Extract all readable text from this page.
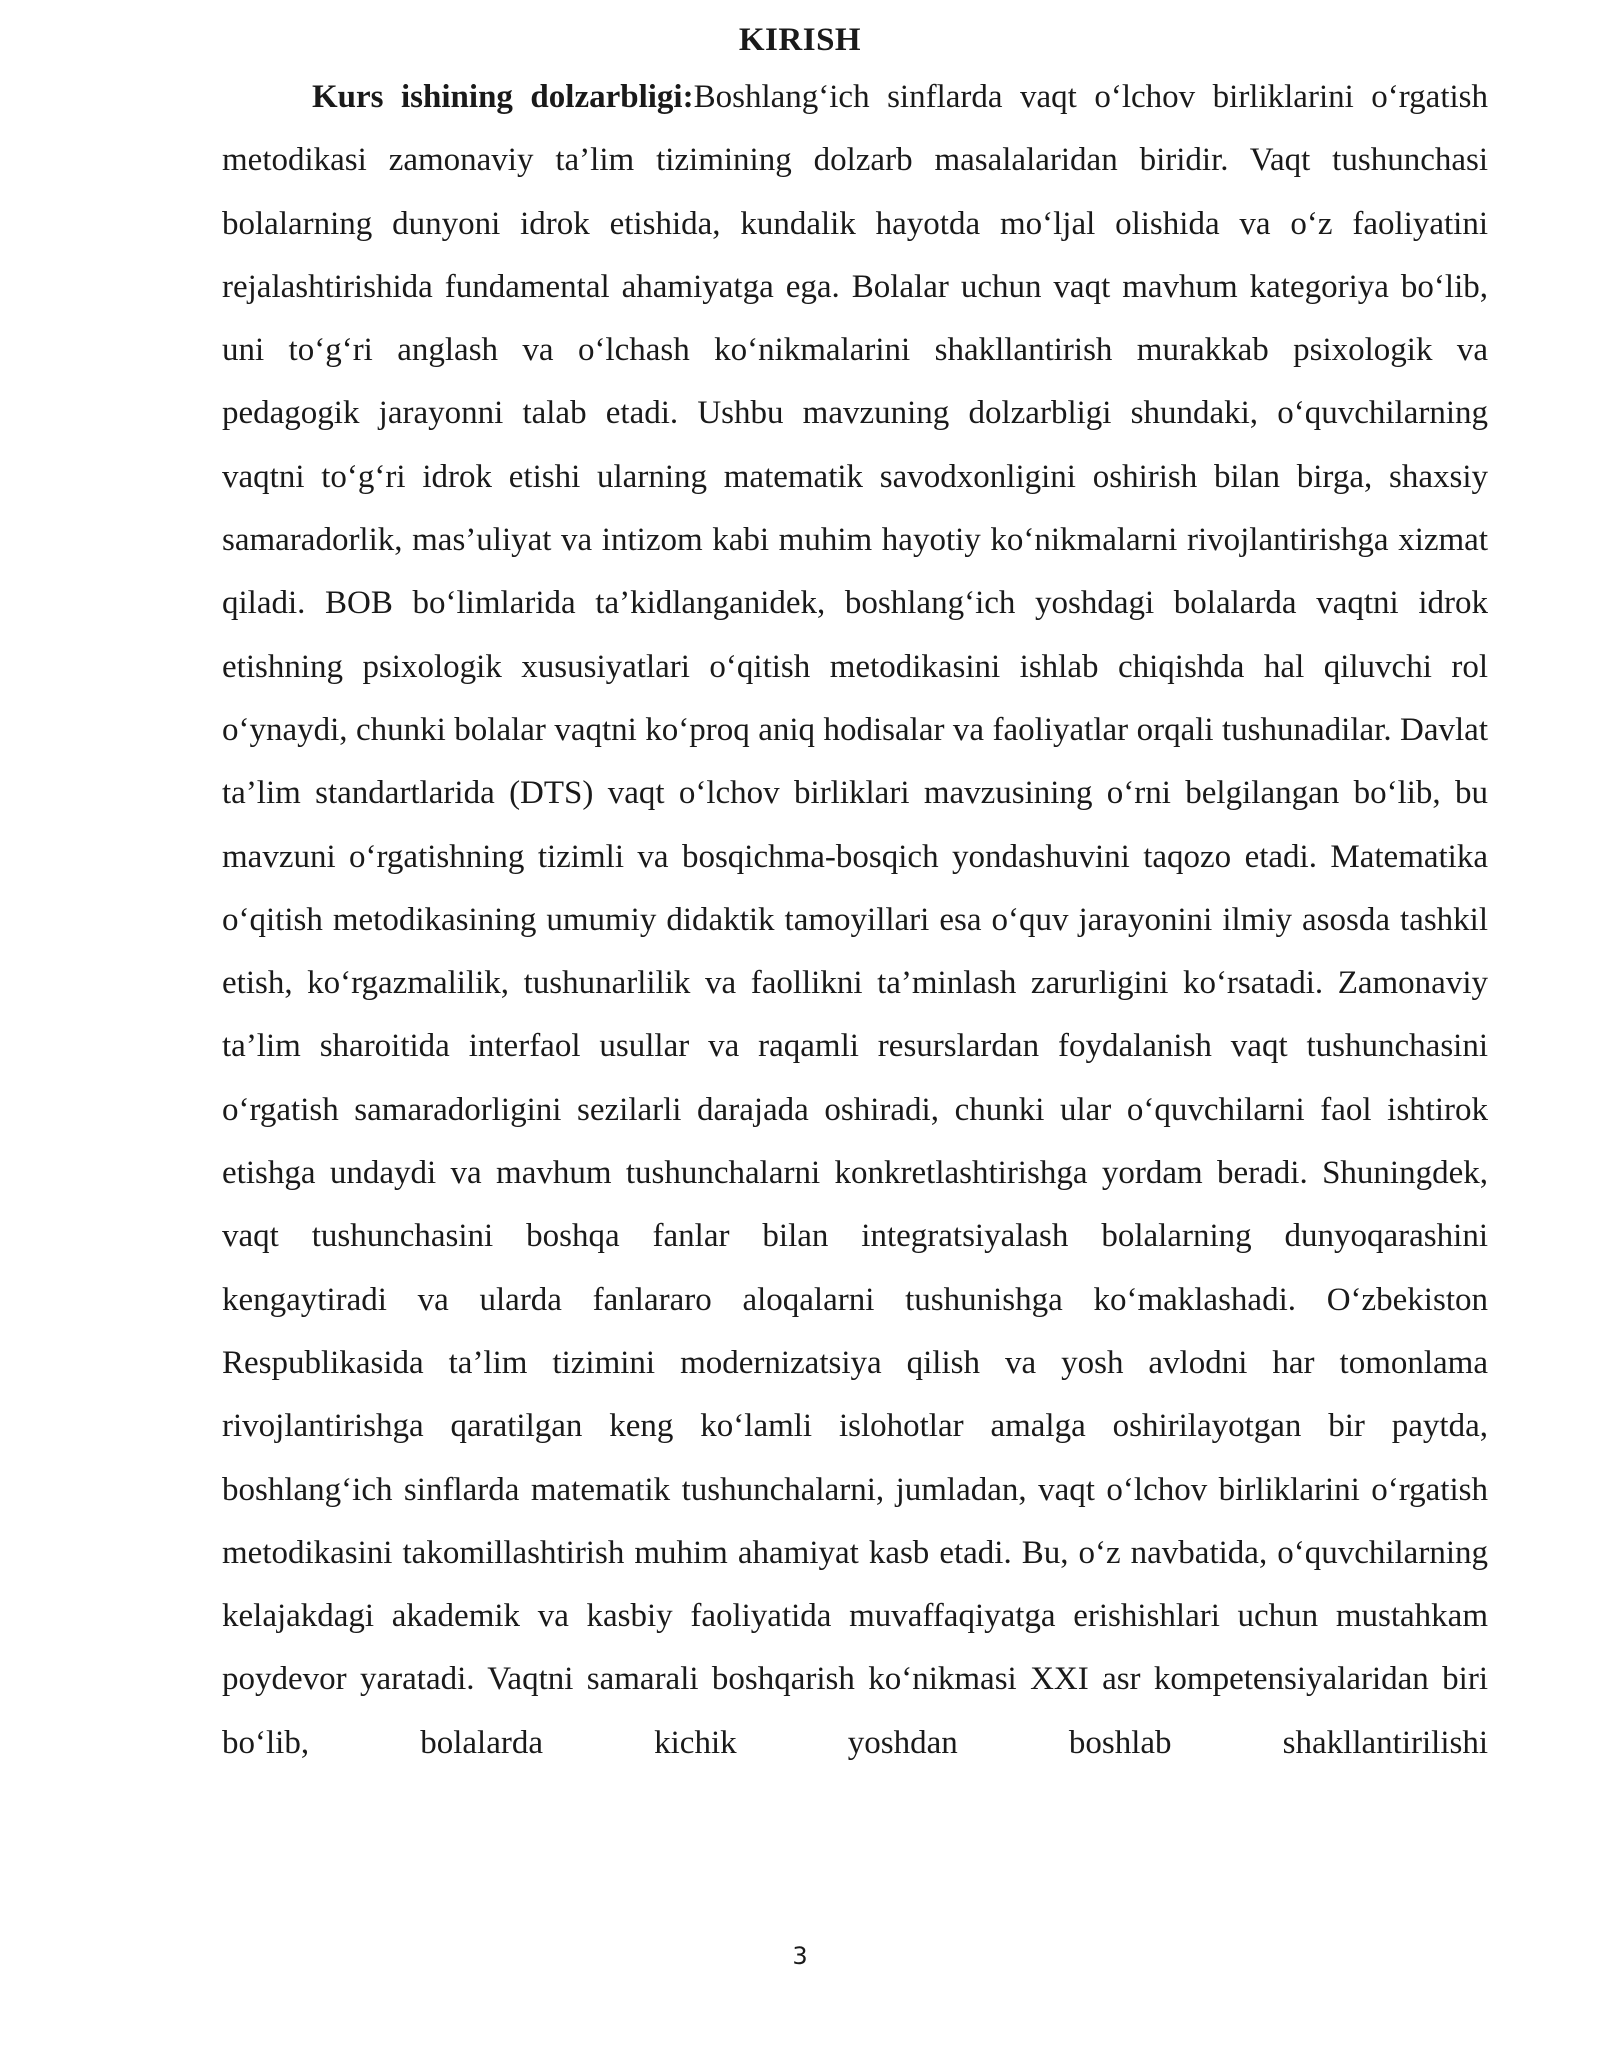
KIRISH

Kurs ishining dolzarbligi:Boshlang‘ich sinflarda vaqt o‘lchov birliklarini o‘rgatish metodikasi zamonaviy ta’lim tizimining dolzarb masalalaridan biridir. Vaqt tushunchasi bolalarning dunyoni idrok etishida, kundalik hayotda mo‘ljal olishida va o‘z faoliyatini rejalashtirishida fundamental ahamiyatga ega. Bolalar uchun vaqt mavhum kategoriya bo‘lib, uni to‘g‘ri anglash va o‘lchash ko‘nikmalarini shakllantirish murakkab psixologik va pedagogik jarayonni talab etadi. Ushbu mavzuning dolzarbligi shundaki, o‘quvchilarning vaqtni to‘g‘ri idrok etishi ularning matematik savodxonligini oshirish bilan birga, shaxsiy samaradorlik, mas’uliyat va intizom kabi muhim hayotiy ko‘nikmalarni rivojlantirishga xizmat qiladi. BOB bo‘limlarida ta’kidlanganidek, boshlang‘ich yoshdagi bolalarda vaqtni idrok etishning psixologik xususiyatlari o‘qitish metodikasini ishlab chiqishda hal qiluvchi rol o‘ynaydi, chunki bolalar vaqtni ko‘proq aniq hodisalar va faoliyatlar orqali tushunadilar. Davlat ta’lim standartlarida (DTS) vaqt o‘lchov birliklari mavzusining o‘rni belgilangan bo‘lib, bu mavzuni o‘rgatishning tizimli va bosqichma-bosqich yondashuvini taqozo etadi. Matematika o‘qitish metodikasining umumiy didaktik tamoyillari esa o‘quv jarayonini ilmiy asosda tashkil etish, ko‘rgazmalilik, tushunarlilik va faollikni ta’minlash zarurligini ko‘rsatadi. Zamonaviy ta’lim sharoitida interfaol usullar va raqamli resurslardan foydalanish vaqt tushunchasini o‘rgatish samaradorligini sezilarli darajada oshiradi, chunki ular o‘quvchilarni faol ishtirok etishga undaydi va mavhum tushunchalarni konkretlashtirishga yordam beradi. Shuningdek, vaqt tushunchasini boshqa fanlar bilan integratsiyalash bolalarning dunyoqarashini kengaytiradi va ularda fanlararo aloqalarni tushunishga ko‘maklashadi. O‘zbekiston Respublikasida ta’lim tizimini modernizatsiya qilish va yosh avlodni har tomonlama rivojlantirishga qaratilgan keng ko‘lamli islohotlar amalga oshirilayotgan bir paytda, boshlang‘ich sinflarda matematik tushunchalarni, jumladan, vaqt o‘lchov birliklarini o‘rgatish metodikasini takomillashtirish muhim ahamiyat kasb etadi. Bu, o‘z navbatida, o‘quvchilarning kelajakdagi akademik va kasbiy faoliyatida muvaffaqiyatga erishishlari uchun mustahkam poydevor yaratadi. Vaqtni samarali boshqarish ko‘nikmasi XXI asr kompetensiyalaridan biri bo‘lib, bolalarda kichik yoshdan boshlab shakllantirilishi

3
